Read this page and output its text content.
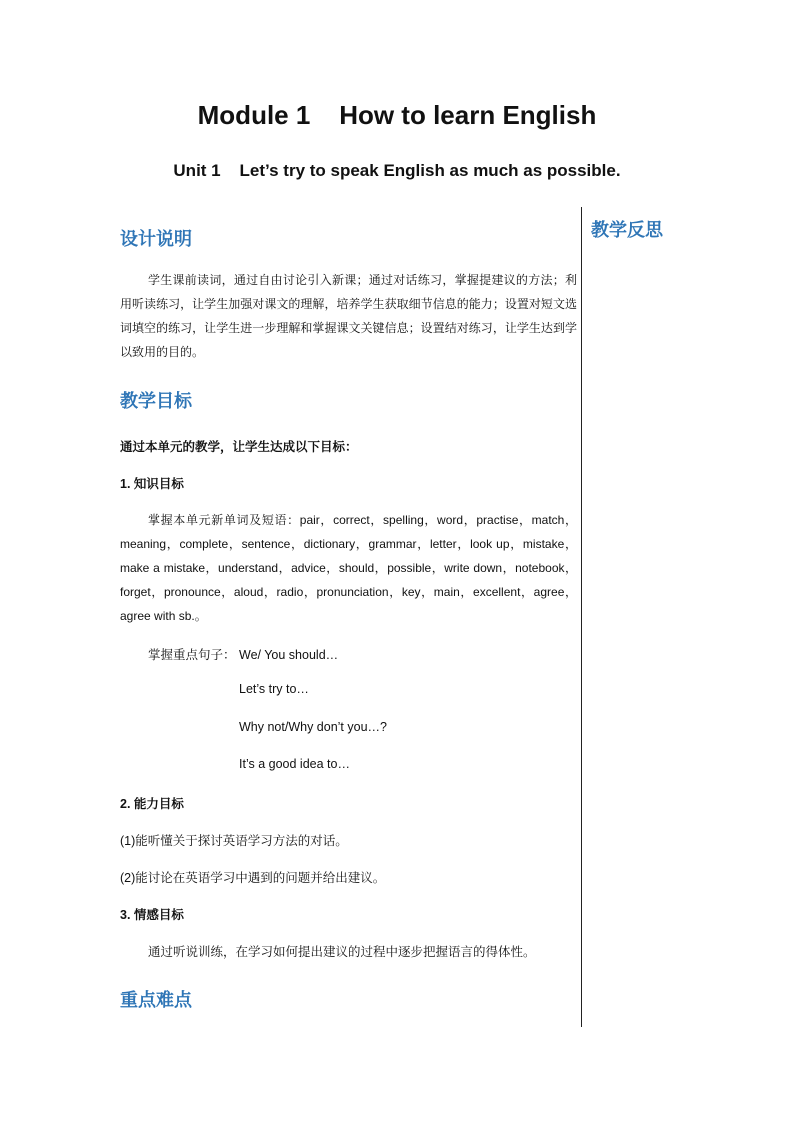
Module 1    How to learn English
Unit 1    Let’s try to speak English as much as possible.
教学反思
设计说明
学生课前读词，通过自由讨论引入新课；通过对话练习，掌握提建议的方法；利用听读练习，让学生加强对课文的理解，培养学生获取细节信息的能力；设置对短文选词填空的练习，让学生进一步理解和掌握课文关键信息；设置结对练习，让学生达到学以致用的目的。
教学目标
通过本单元的教学，让学生达成以下目标：
1. 知识目标
掌握本单元新单词及短语：pair，correct，spelling，word，practise，match，meaning，complete，sentence，dictionary，grammar，letter，look up，mistake，make a mistake，understand，advice，should，possible，write down，notebook，forget，pronounce，aloud，radio，pronunciation，key，main，excellent，agree，agree with sb.。
掌握重点句子： We/ You should…
Let’s try to…
Why not/Why don’t you…?
It’s a good idea to…
2. 能力目标
(1)能听懂关于探讨英语学习方法的对话。
(2)能讨论在英语学习中遇到的问题并给出建议。
3. 情感目标
通过听说训练，在学习如何提出建议的过程中逐步把握语言的得体性。
重点难点
